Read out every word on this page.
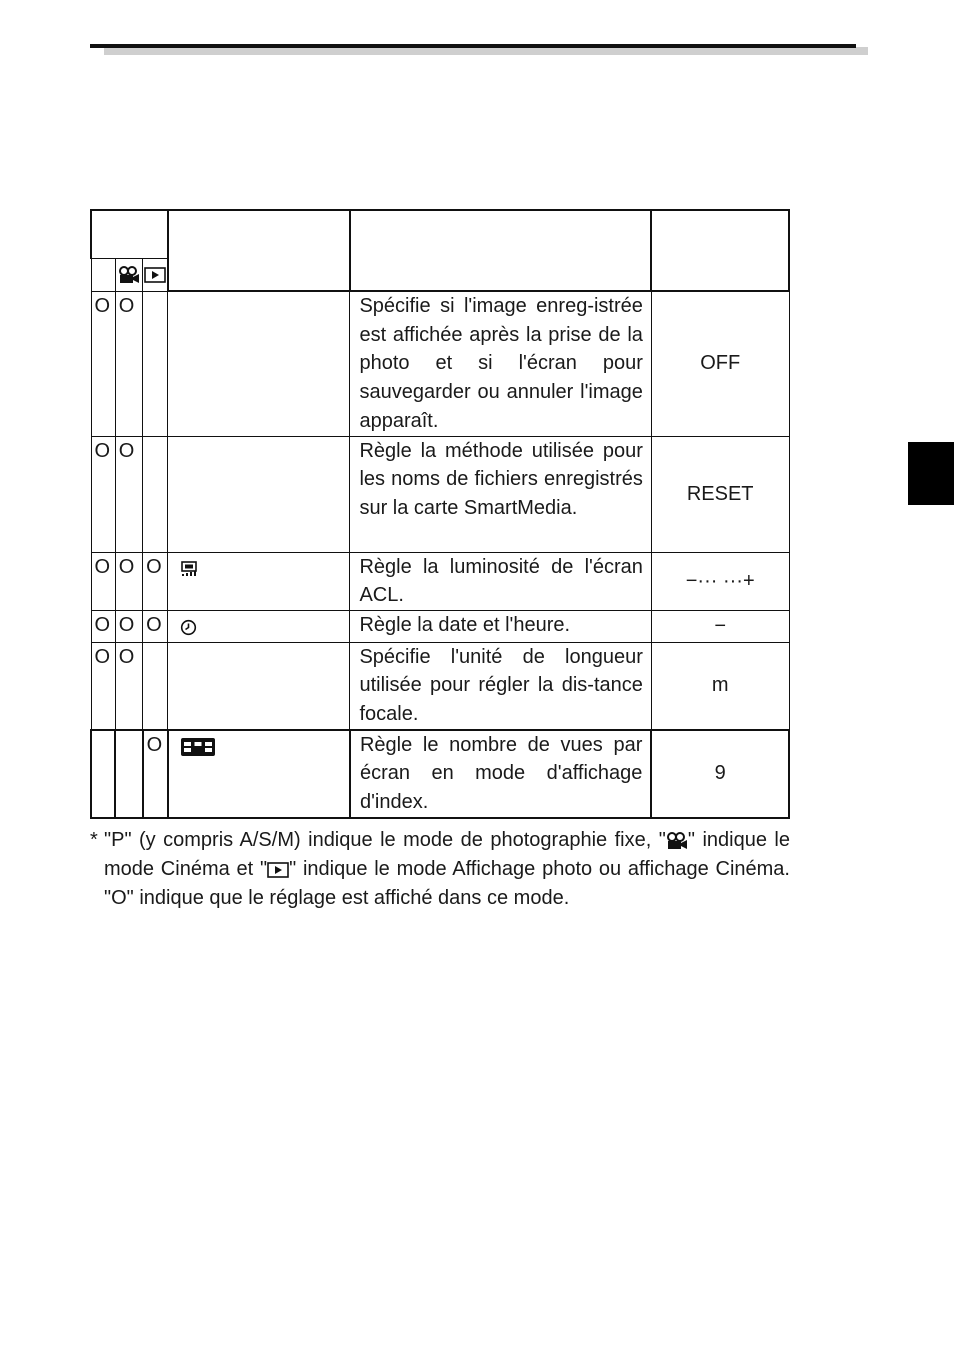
O	O			Spécifie si l'image enreg-istrée est affichée après la prise de la photo et si l'écran pour sauvegarder ou annuler l'image apparaît.	OFF
O	O			Règle la méthode utilisée pour les noms de fichiers enregistrés sur la carte SmartMedia.	RESET
O	O	O		Règle la luminosité de l'écran ACL.	−··· ···+
O	O	O		Règle la date et l'heure.	−
O	O			Spécifie l'unité de longueur utilisée pour régler la dis-tance focale.	m
		O		Règle le nombre de vues par écran en mode d'affichage d'index.	9
* "P" (y compris A/S/M) indique le mode de photographie fixe, " " indique le mode Cinéma et " " indique le mode Affichage photo ou affichage Cinéma. "O" indique que le réglage est affiché dans ce mode.
